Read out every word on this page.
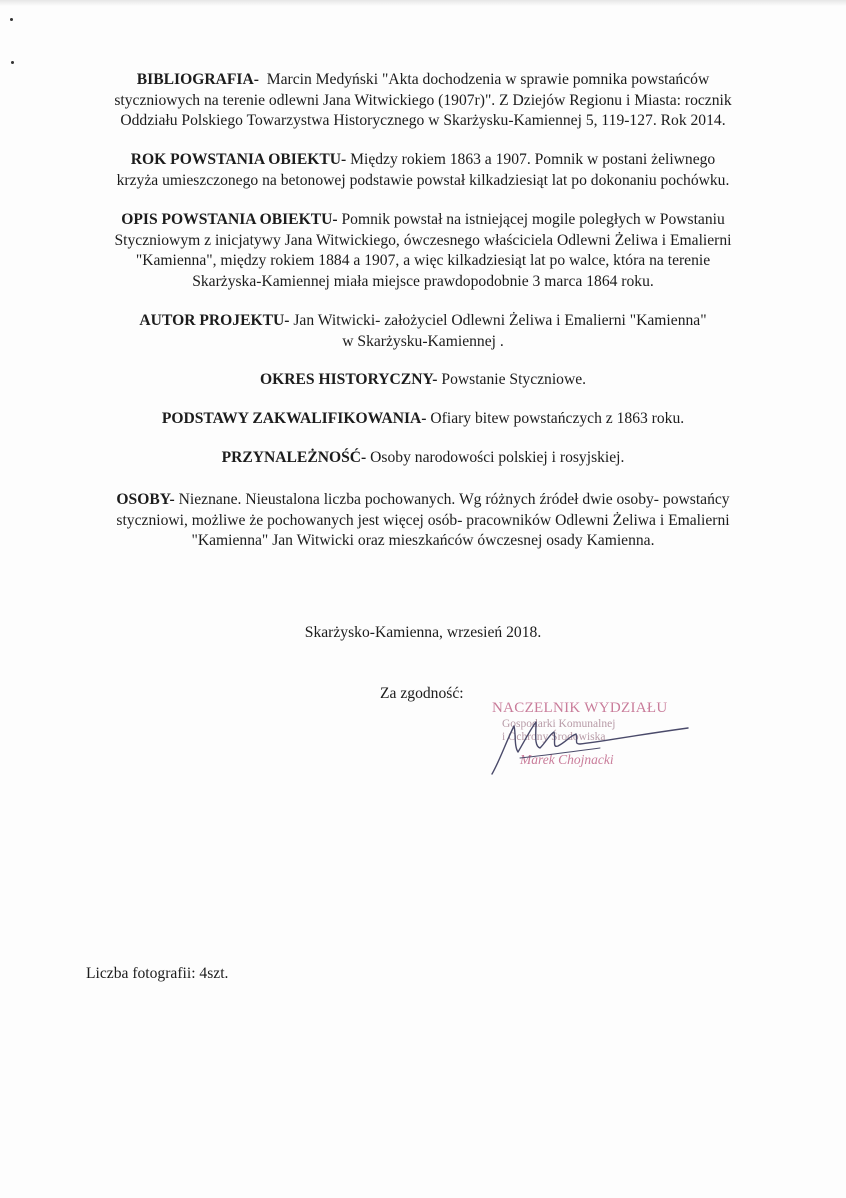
BIBLIOGRAFIA- Marcin Medyński "Akta dochodzenia w sprawie pomnika powstańców
styczniowych na terenie odlewni Jana Witwickiego (1907r)". Z Dziejów Regionu i Miasta: rocznik
Oddziału Polskiego Towarzystwa Historycznego w Skarżysku-Kamiennej 5, 119-127. Rok 2014.
ROK POWSTANIA OBIEKTU- Między rokiem 1863 a 1907. Pomnik w postani żeliwnego
krzyża umieszczonego na betonowej podstawie powstał kilkadziesiąt lat po dokonaniu pochówku.
OPIS POWSTANIA OBIEKTU- Pomnik powstał na istniejącej mogile poległych w Powstaniu
Styczniowym z inicjatywy Jana Witwickiego, ówczesnego właściciela Odlewni Żeliwa i Emalierni
"Kamienna", między rokiem 1884 a 1907, a więc kilkadziesiąt lat po walce, która na terenie
Skarżyska-Kamiennej miała miejsce prawdopodobnie 3 marca 1864 roku.
AUTOR PROJEKTU- Jan Witwicki- założyciel Odlewni Żeliwa i Emalierni "Kamienna"
w Skarżysku-Kamiennej .
OKRES HISTORYCZNY- Powstanie Styczniowe.
PODSTAWY ZAKWALIFIKOWANIA- Ofiary bitew powstańczych z 1863 roku.
PRZYNALEŻNOŚĆ- Osoby narodowości polskiej i rosyjskiej.
OSOBY- Nieznane. Nieustalona liczba pochowanych. Wg różnych źródeł dwie osoby- powstańcy
styczniowi, możliwe że pochowanych jest więcej osób- pracowników Odlewni Żeliwa i Emalierni
"Kamienna" Jan Witwicki oraz mieszkańców ówczesnej osady Kamienna.
Skarżysko-Kamienna, wrzesień 2018.
Za zgodność:
NACZELNIK WYDZIAŁU
Gospodarki Komunalnej
i Ochrony Środowiska
Marek Chojnacki
Liczba fotografii: 4szt.
